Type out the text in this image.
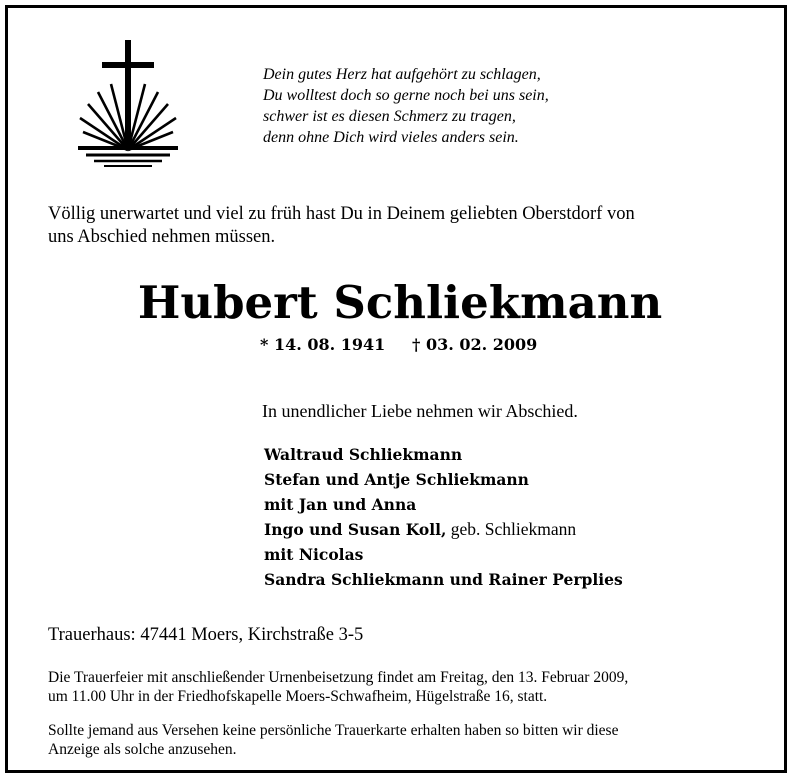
Dein gutes Herz hat aufgehört zu schlagen,
Du wolltest doch so gerne noch bei uns sein,
schwer ist es diesen Schmerz zu tragen,
denn ohne Dich wird vieles anders sein.
Völlig unerwartet und viel zu früh hast Du in Deinem geliebten Oberstdorf von
uns Abschied nehmen müssen.
Hubert Schliekmann
* 14. 08. 1941 † 03. 02. 2009
In unendlicher Liebe nehmen wir Abschied.
Waltraud Schliekmann
Stefan und Antje Schliekmann
mit Jan und Anna
Ingo und Susan Koll, geb. Schliekmann
mit Nicolas
Sandra Schliekmann und Rainer Perplies
Trauerhaus: 47441 Moers, Kirchstraße 3-5
Die Trauerfeier mit anschließender Urnenbeisetzung findet am Freitag, den 13. Februar 2009,
um 11.00 Uhr in der Friedhofskapelle Moers-Schwafheim, Hügelstraße 16, statt.
Sollte jemand aus Versehen keine persönliche Trauerkarte erhalten haben so bitten wir diese
Anzeige als solche anzusehen.
